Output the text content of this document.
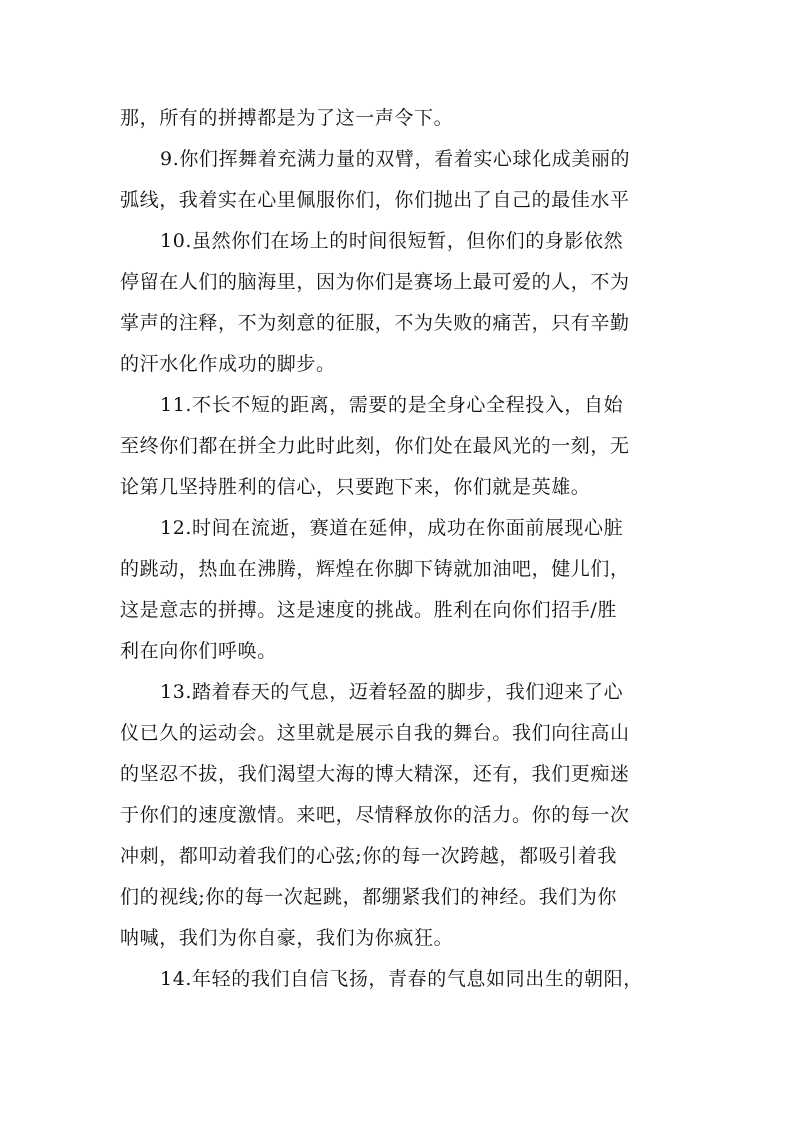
那，所有的拼搏都是为了这一声令下。
9.你们挥舞着充满力量的双臂，看着实心球化成美丽的
弧线，我着实在心里佩服你们，你们抛出了自己的最佳水平
10.虽然你们在场上的时间很短暂，但你们的身影依然
停留在人们的脑海里，因为你们是赛场上最可爱的人，不为
掌声的注释，不为刻意的征服，不为失败的痛苦，只有辛勤
的汗水化作成功的脚步。
11.不长不短的距离，需要的是全身心全程投入，自始
至终你们都在拼全力此时此刻，你们处在最风光的一刻，无
论第几坚持胜利的信心，只要跑下来，你们就是英雄。
12.时间在流逝，赛道在延伸，成功在你面前展现心脏
的跳动，热血在沸腾，辉煌在你脚下铸就加油吧，健儿们，
这是意志的拼搏。这是速度的挑战。胜利在向你们招手/胜
利在向你们呼唤。
13.踏着春天的气息，迈着轻盈的脚步，我们迎来了心
仪已久的运动会。这里就是展示自我的舞台。我们向往高山
的坚忍不拔，我们渴望大海的博大精深，还有，我们更痴迷
于你们的速度激情。来吧，尽情释放你的活力。你的每一次
冲刺，都叩动着我们的心弦;你的每一次跨越，都吸引着我
们的视线;你的每一次起跳，都绷紧我们的神经。我们为你
呐喊，我们为你自豪，我们为你疯狂。
14.年轻的我们自信飞扬，青春的气息如同出生的朝阳，
